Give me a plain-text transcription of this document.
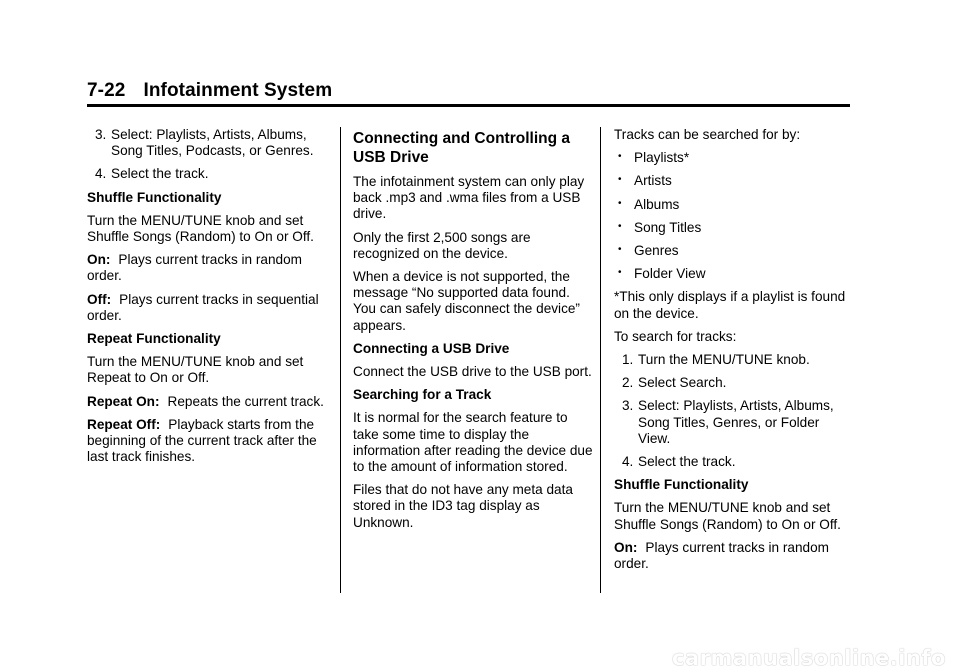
7-22 Infotainment System
3. Select: Playlists, Artists, Albums, Song Titles, Podcasts, or Genres.
4. Select the track.

Shuffle Functionality

Turn the MENU/TUNE knob and set Shuffle Songs (Random) to On or Off.

On: Plays current tracks in random order.

Off: Plays current tracks in sequential order.

Repeat Functionality

Turn the MENU/TUNE knob and set Repeat to On or Off.

Repeat On: Repeats the current track.

Repeat Off: Playback starts from the beginning of the current track after the last track finishes.

Connecting and Controlling a USB Drive

The infotainment system can only play back .mp3 and .wma files from a USB drive.

Only the first 2,500 songs are recognized on the device.

When a device is not supported, the message “No supported data found. You can safely disconnect the device” appears.

Connecting a USB Drive

Connect the USB drive to the USB port.

Searching for a Track

It is normal for the search feature to take some time to display the information after reading the device due to the amount of information stored.

Files that do not have any meta data stored in the ID3 tag display as Unknown.

Tracks can be searched for by:

• Playlists*
• Artists
• Albums
• Song Titles
• Genres
• Folder View

*This only displays if a playlist is found on the device.

To search for tracks:

1. Turn the MENU/TUNE knob.
2. Select Search.
3. Select: Playlists, Artists, Albums, Song Titles, Genres, or Folder View.
4. Select the track.

Shuffle Functionality

Turn the MENU/TUNE knob and set Shuffle Songs (Random) to On or Off.

On: Plays current tracks in random order.

carmanualsonline.info
